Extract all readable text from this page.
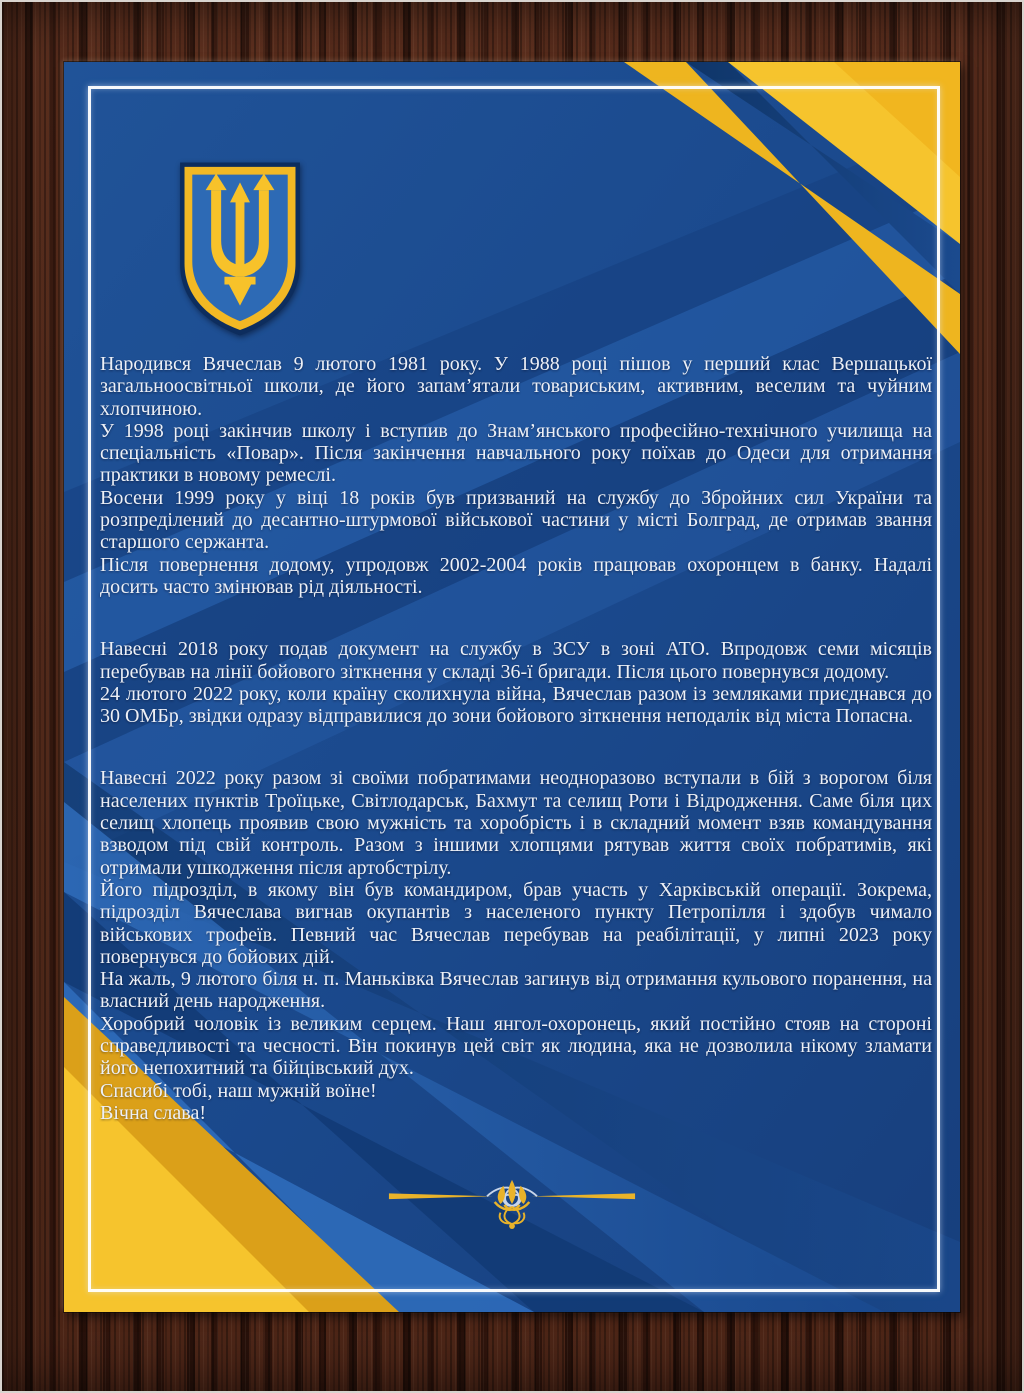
Народився Вячеслав 9 лютого 1981 року. У 1988 році пішов у перший клас Вершацької загальноосвітньої школи, де його запам’ятали товариським, активним, веселим та чуйним хлопчиною.

У 1998 році закінчив школу і вступив до Знам’янського професійно-технічного училища на спеціальність «Повар». Після закінчення навчального року поїхав до Одеси для отримання практики в новому ремеслі.

Восени 1999 року у віці 18 років був призваний на службу до Збройних сил України та розпреділений до десантно-штурмової військової частини у місті Болград, де отримав звання старшого сержанта.

Після повернення додому, упродовж 2002-2004 років працював охоронцем в банку. Надалі досить часто змінював рід діяльності.

Навесні 2018 року подав документ на службу в ЗСУ в зоні АТО. Впродовж семи місяців перебував на лінії бойового зіткнення у складі 36-ї бригади. Після цього повернувся додому.

24 лютого 2022 року, коли країну сколихнула війна, Вячеслав разом із земляками приєднався до 30 ОМБр, звідки одразу відправилися до зони бойового зіткнення неподалік від міста Попасна.

Навесні 2022 року разом зі своїми побратимами неодноразово вступали в бій з ворогом біля населених пунктів Троїцьке, Світлодарськ, Бахмут та селищ Роти і Відродження. Саме біля цих селищ хлопець проявив свою мужність та хоробрість і в складний момент взяв командування взводом під свій контроль. Разом з іншими хлопцями рятував життя своїх побратимів, які отримали ушкодження після артобстрілу.

Його підрозділ, в якому він був командиром, брав участь у Харківській операції. Зокрема, підрозділ Вячеслава вигнав окупантів з населеного пункту Петропілля і здобув чимало військових трофеїв. Певний час Вячеслав перебував на реабілітації, у липні 2023 року повернувся до бойових дій.

На жаль, 9 лютого біля н. п. Маньківка Вячеслав загинув від отримання кульового поранення, на власний день народження.

Хоробрий чоловік із великим серцем. Наш янгол-охоронець, який постійно стояв на стороні справедливості та чесності. Він покинув цей світ як людина, яка не дозволила нікому зламати його непохитний та бійцівський дух.

Спасибі тобі, наш мужній воїне!

Вічна слава!
